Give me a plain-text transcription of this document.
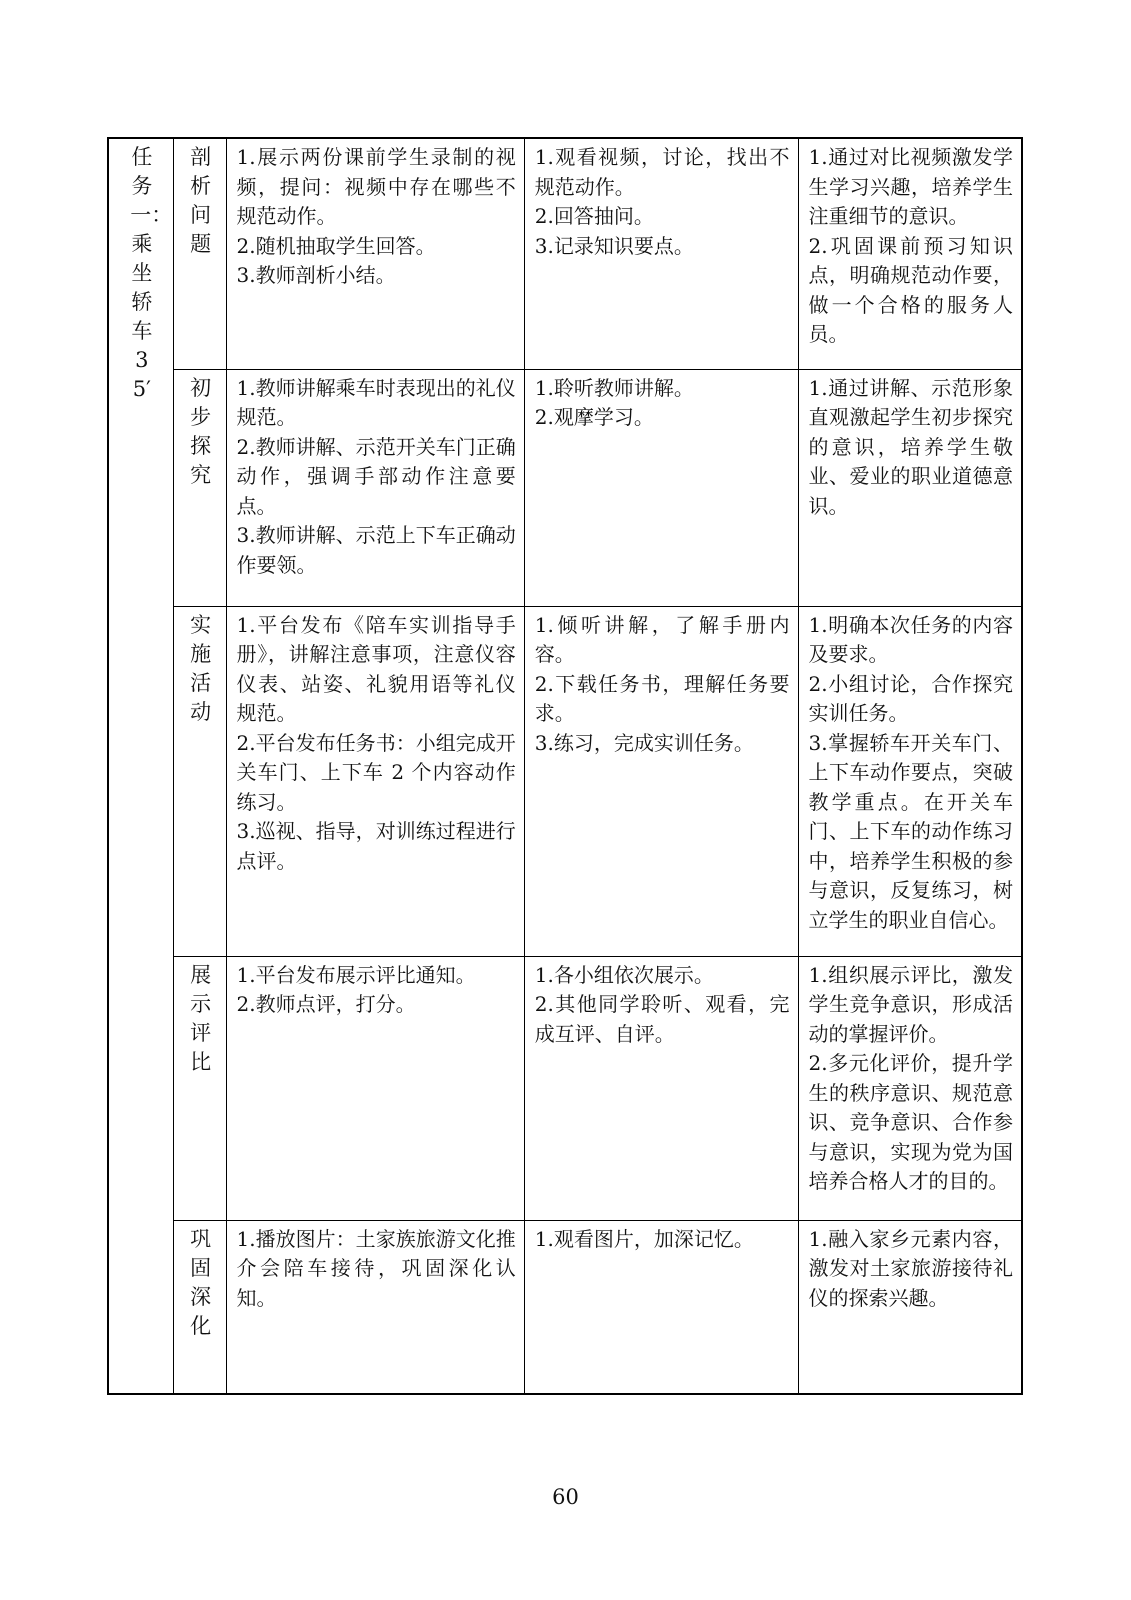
任务一：乘坐轿车35′	剖析问题	1.展示两份课前学生录制的视频，提问：视频中存在哪些不规范动作。
2.随机抽取学生回答。
3.教师剖析小结。	1.观看视频，讨论，找出不规范动作。
2.回答抽问。
3.记录知识要点。	1.通过对比视频激发学生学习兴趣，培养学生注重细节的意识。
2.巩固课前预习知识点，明确规范动作要，做一个合格的服务人员。

	初步探究	1.教师讲解乘车时表现出的礼仪规范。
2.教师讲解、示范开关车门正确动作，强调手部动作注意要点。
3.教师讲解、示范上下车正确动作要领。	1.聆听教师讲解。
2.观摩学习。	1.通过讲解、示范形象直观激起学生初步探究的意识，培养学生敬业、爱业的职业道德意识。

	实施活动	1.平台发布《陪车实训指导手册》，讲解注意事项，注意仪容仪表、站姿、礼貌用语等礼仪规范。
2.平台发布任务书：小组完成开关车门、上下车 2 个内容动作练习。
3.巡视、指导，对训练过程进行点评。	1.倾听讲解，了解手册内容。
2.下载任务书，理解任务要求。
3.练习，完成实训任务。	1.明确本次任务的内容及要求。
2.小组讨论，合作探究实训任务。
3.掌握轿车开关车门、上下车动作要点，突破教学重点。在开关车门、上下车的动作练习中，培养学生积极的参与意识，反复练习，树立学生的职业自信心。

	展示评比	1.平台发布展示评比通知。
2.教师点评，打分。	1.各小组依次展示。
2.其他同学聆听、观看，完成互评、自评。	1.组织展示评比，激发学生竞争意识，形成活动的掌握评价。
2.多元化评价，提升学生的秩序意识、规范意识、竞争意识、合作参与意识，实现为党为国培养合格人才的目的。

	巩固深化	1.播放图片：土家族旅游文化推介会陪车接待，巩固深化认知。	1.观看图片，加深记忆。	1.融入家乡元素内容，激发对土家旅游接待礼仪的探索兴趣。
60
